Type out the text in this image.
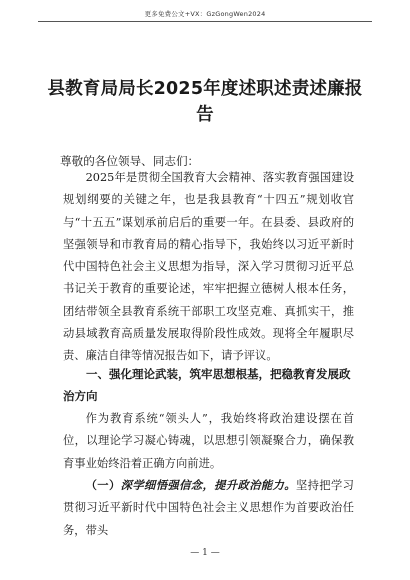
更多免费公文+VX：GzGongWen2024
县教育局局长2025年度述职述责述廉报告
尊敬的各位领导、同志们：
2025年是贯彻全国教育大会精神、落实教育强国建设规划纲要的关键之年，也是我县教育“十四五”规划收官与“十五五”谋划承前启后的重要一年。在县委、县政府的坚强领导和市教育局的精心指导下，我始终以习近平新时代中国特色社会主义思想为指导，深入学习贯彻习近平总书记关于教育的重要论述，牢牢把握立德树人根本任务，团结带领全县教育系统干部职工攻坚克难、真抓实干，推动县域教育高质量发展取得阶段性成效。现将全年履职尽责、廉洁自律等情况报告如下，请予评议。
一、强化理论武装，筑牢思想根基，把稳教育发展政治方向
作为教育系统“领头人”，我始终将政治建设摆在首位，以理论学习凝心铸魂，以思想引领凝聚合力，确保教育事业始终沿着正确方向前进。
（一）深学细悟强信念，提升政治能力。坚持把学习贯彻习近平新时代中国特色社会主义思想作为首要政治任务，带头
— 1 —
